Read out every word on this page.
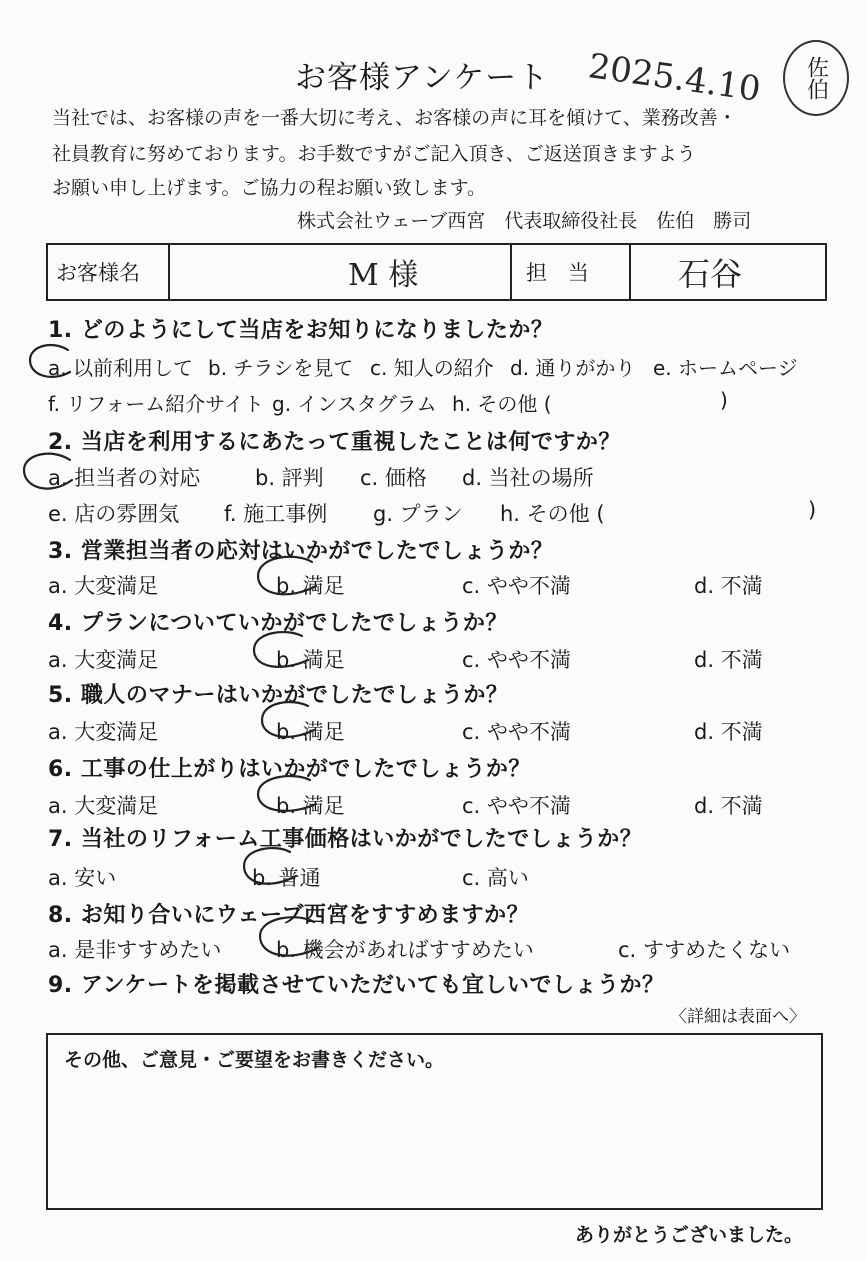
お客様アンケート 2025.4.10 佐伯
当社では、お客様の声を一番大切に考え、お客様の声に耳を傾けて、業務改善・
社員教育に努めております。お手数ですがご記入頂き、ご返送頂きますよう
お願い申し上げます。ご協力の程お願い致します。
株式会社ウェーブ西宮　代表取締役社長　佐伯　勝司
お客様名	M 様	担　当	石谷
1. どのようにして当店をお知りになりましたか？
a. 以前利用して b. チラシを見て c. 知人の紹介 d. 通りがかり e. ホームページ
f. リフォーム紹介サイト g. インスタグラム h. その他 (	)
2. 当店を利用するにあたって重視したことは何ですか？
a. 担当者の対応	b. 評判 c. 価格 d. 当社の場所
e. 店の雰囲気 f. 施工事例 g. プラン h. その他 (	)
3. 営業担当者の応対はいかがでしたでしょうか？
a. 大変満足	b. 満足	c. やや不満	d. 不満
4. プランについていかがでしたでしょうか？
a. 大変満足	b. 満足	c. やや不満	d. 不満
5. 職人のマナーはいかがでしたでしょうか？
a. 大変満足	b. 満足	c. やや不満	d. 不満
6. 工事の仕上がりはいかがでしたでしょうか？
a. 大変満足	b. 満足	c. やや不満	d. 不満
7. 当社のリフォーム工事価格はいかがでしたでしょうか？
a. 安い	b. 普通	c. 高い
8. お知り合いにウェーブ西宮をすすめますか？
a. 是非すすめたい	b. 機会があればすすめたい	c. すすめたくない
9. アンケートを掲載させていただいても宜しいでしょうか？
〈詳細は表面へ〉
その他、ご意見・ご要望をお書きください。
ありがとうございました。
